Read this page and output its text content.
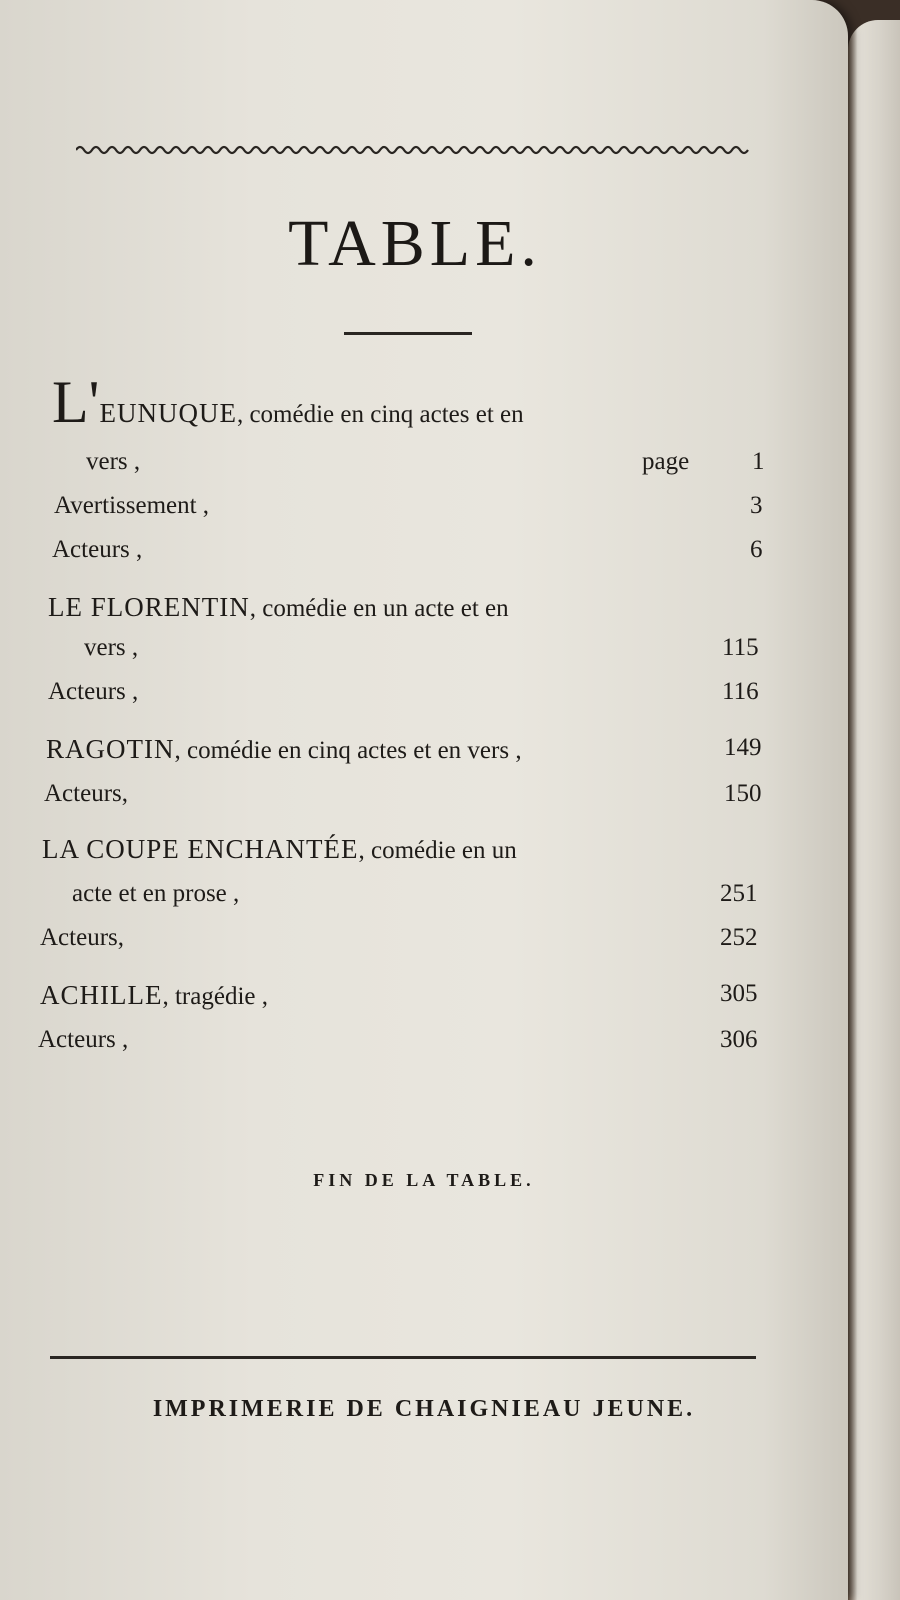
TABLE.
L'EUNUQUE, comédie en cinq actes et en
vers ,	page	1
Avertissement ,	3
Acteurs ,	6
LE FLORENTIN, comédie en un acte et en
vers ,	115
Acteurs ,	116
RAGOTIN, comédie en cinq actes et en vers ,	149
Acteurs,	150
LA COUPE ENCHANTÉE, comédie en un
acte et en prose ,	251
Acteurs,	252
ACHILLE, tragédie ,	305
Acteurs ,	306
FIN DE LA TABLE.
IMPRIMERIE DE CHAIGNIEAU JEUNE.
